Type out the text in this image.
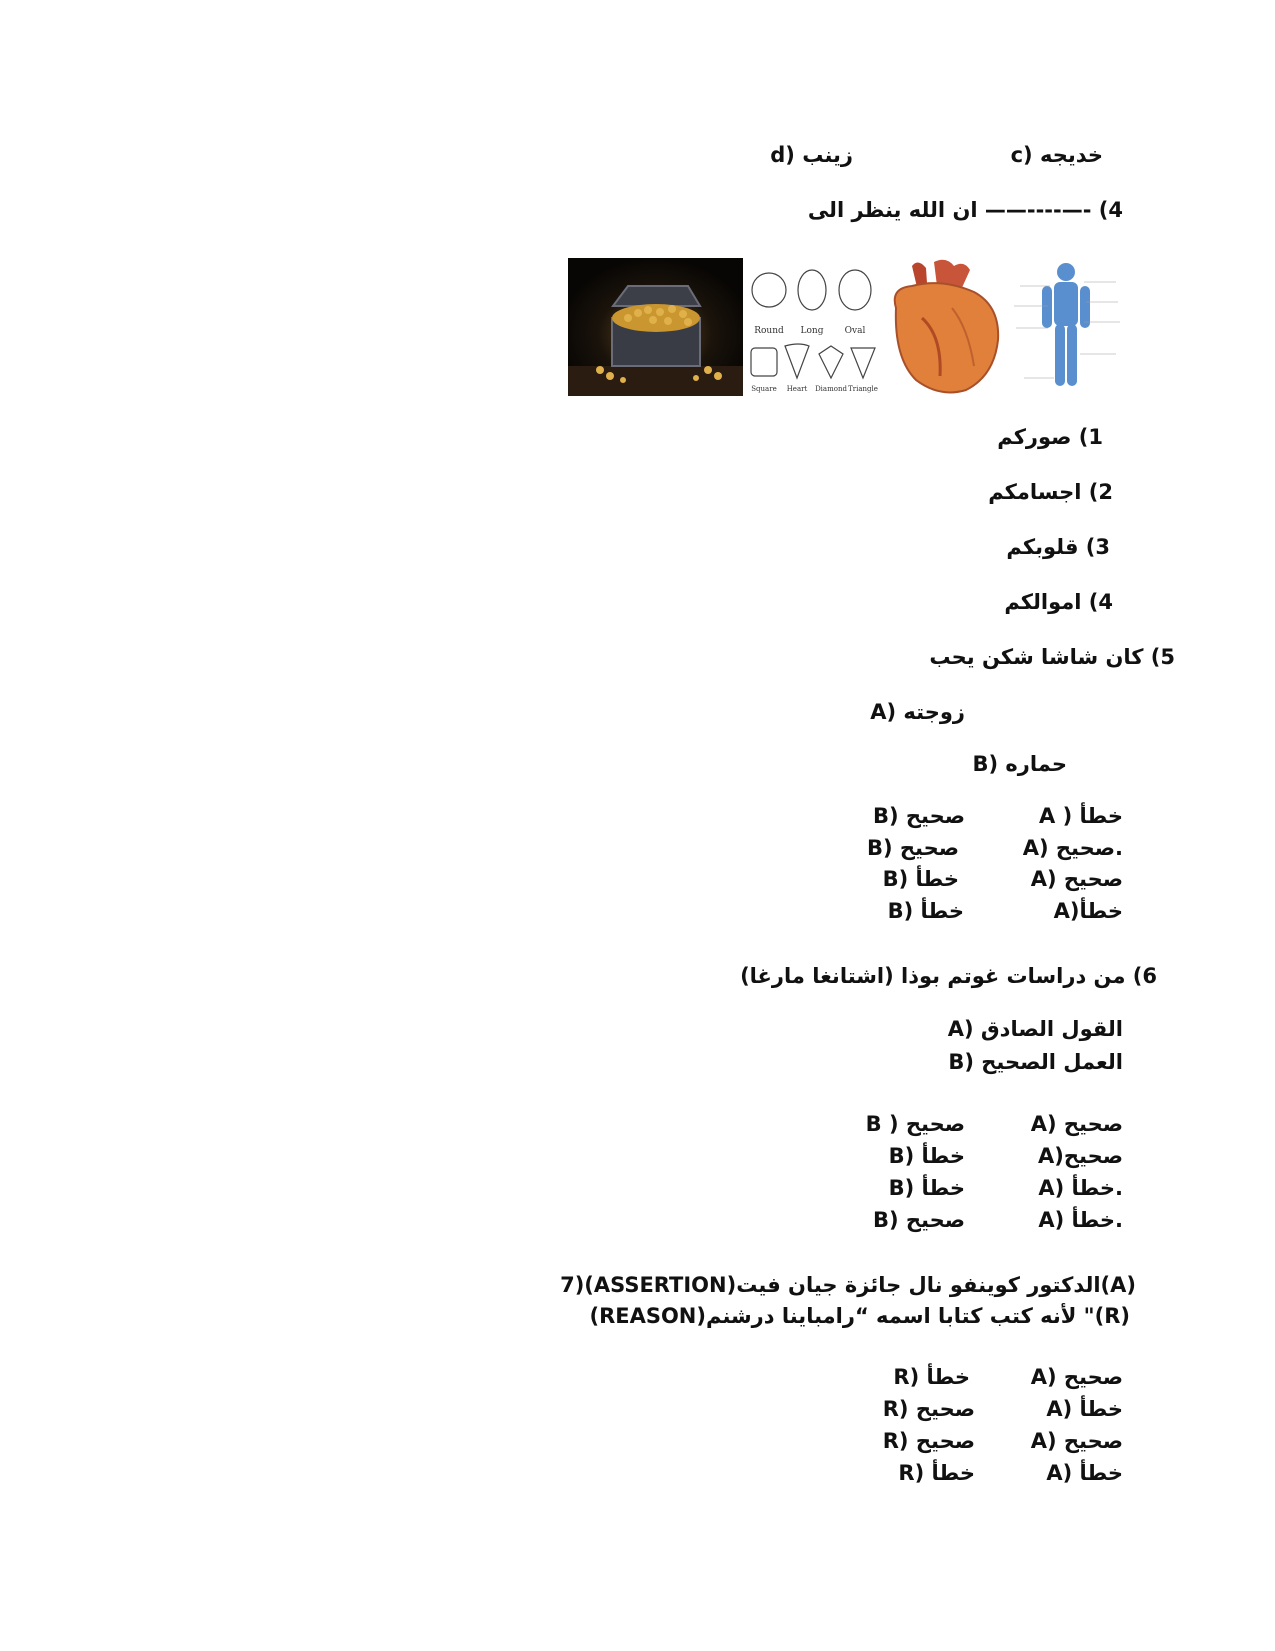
c) خديجه
d) زينب
4) -—----—— ان الله ينظر الى
Round Long Oval
Square Heart Diamond Triangle
1) صوركم
2) اجسامكم
3) قلوبكم
4) اموالكم
5) كان شاشا شكن يحب
A) زوجته
B) حماره
A ) خطأ
B) صحيح
A) صحيح.
B) صحيح
A) صحيح
B) خطأ
A)خطأ
B) خطأ
6) من دراسات غوتم بوذا (اشتانغا مارغا)
A) القول الصادق
B) العمل الصحيح
A) صحيح
B ) صحيح
A)صحيح
B) خطأ
A) خطأ.
B) خطأ
A) خطأ.
B) صحيح
7)(ASSERTION)الدكتور كوينفو نال جائزة جيان فيت(A)
(REASON)لأنه كتب كتابا اسمه “رامباينا درشنم "(R)
A) صحيح
R) خطأ
A) خطأ
R) صحيح
A) صحيح
R) صحيح
A) خطأ
R) خطأ
